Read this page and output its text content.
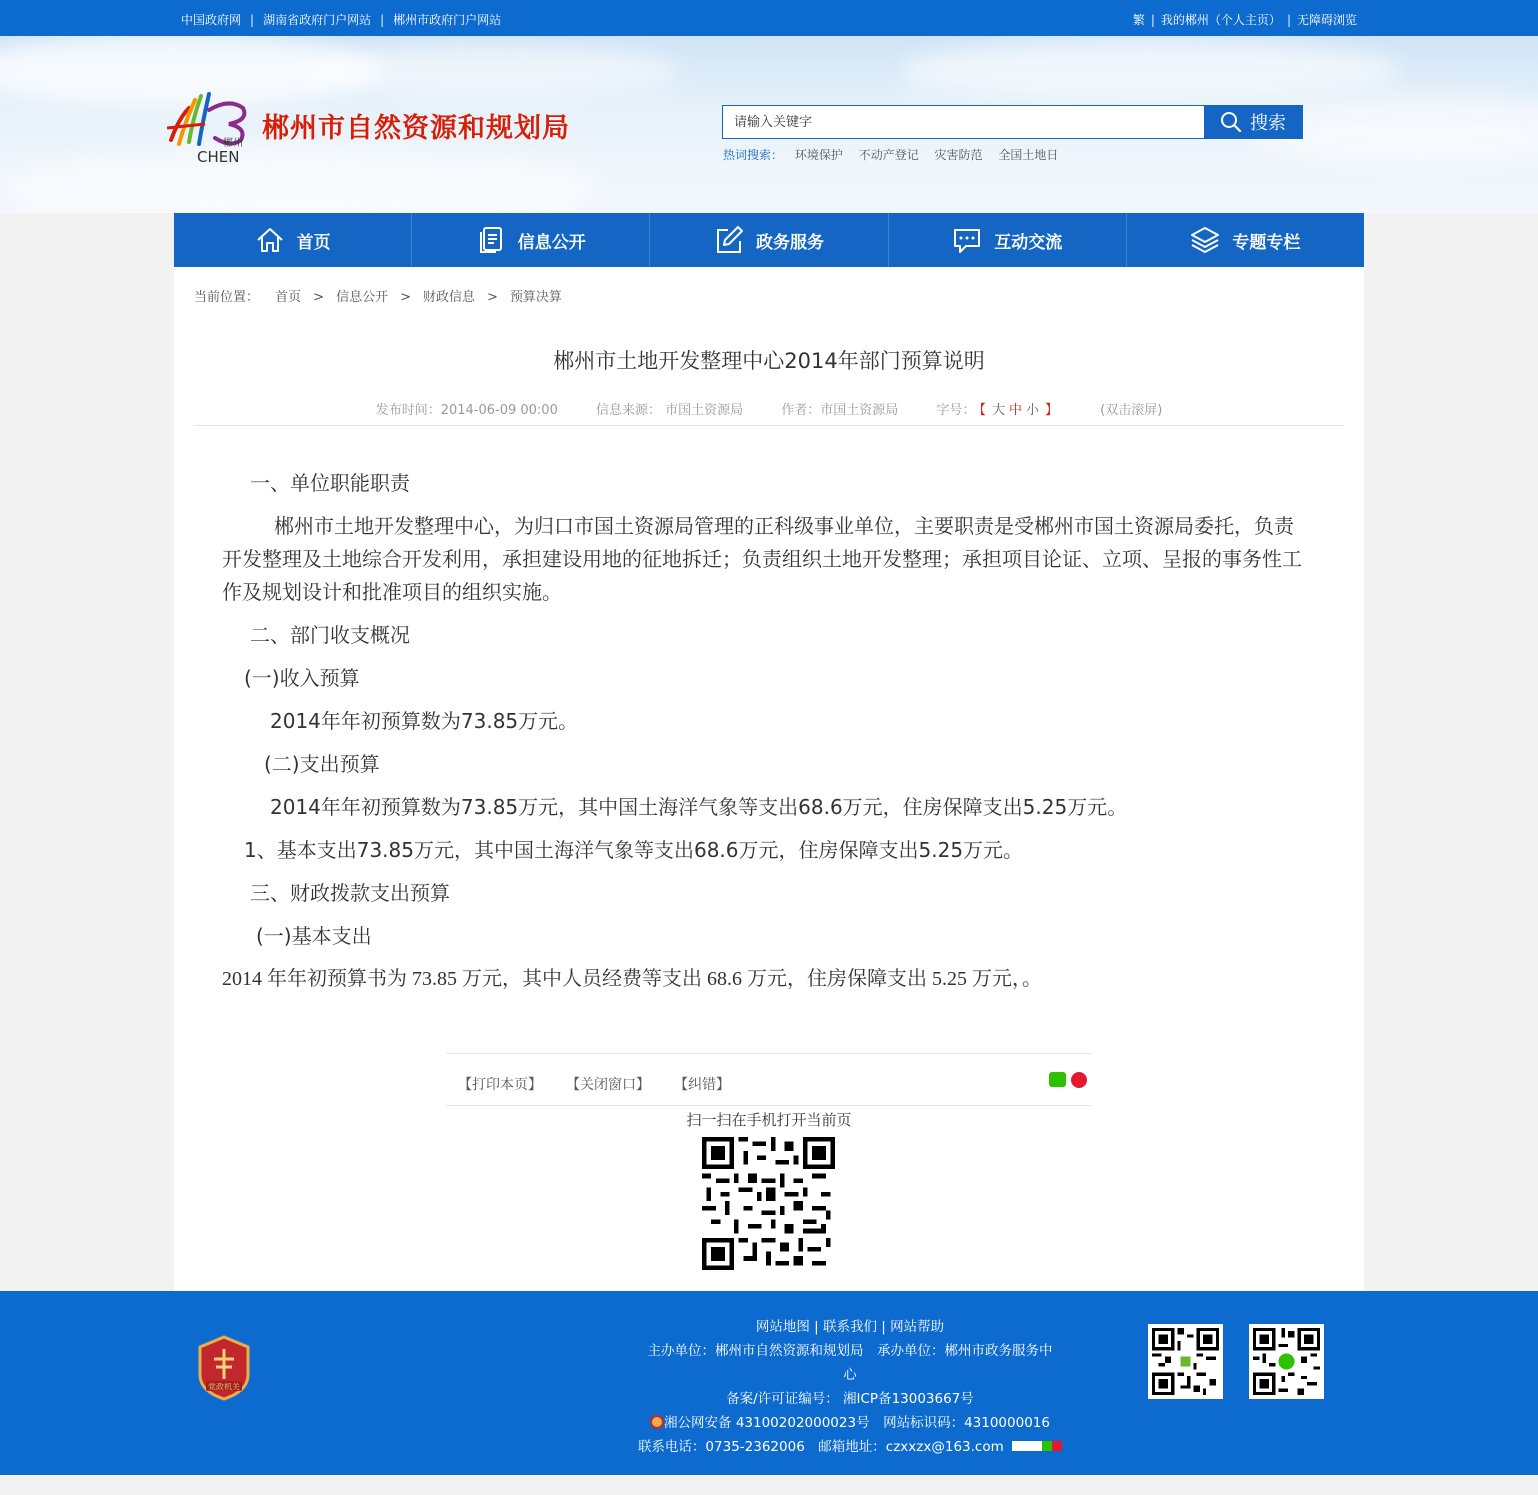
中国政府网 | 湖南省政府门户网站 | 郴州市政府门户网站	繁 | 我的郴州（个人主页） | 无障碍浏览
郴州
CHEN
郴州市自然资源和规划局
请输入关键字	搜索
热词搜索： 环境保护 不动产登记 灾害防范 全国土地日
首页	信息公开	政务服务	互动交流	专题专栏
当前位置： 首页 > 信息公开 > 财政信息 > 预算决算
郴州市土地开发整理中心2014年部门预算说明
发布时间：2014-06-09 00:00	信息来源： 市国土资源局	作者：市国土资源局	字号： 【 大 中 小 】	(双击滚屏)

一、单位职能职责

郴州市土地开发整理中心，为归口市国土资源局管理的正科级事业单位，主要职责是受郴州市国土资源局委托，负责开发整理及土地综合开发利用，承担建设用地的征地拆迁；负责组织土地开发整理；承担项目论证、立项、呈报的事务性工作及规划设计和批准项目的组织实施。

二、部门收支概况

(一)收入预算

2014年年初预算数为73.85万元。

(二)支出预算

2014年年初预算数为73.85万元，其中国土海洋气象等支出68.6万元，住房保障支出5.25万元。

1、基本支出73.85万元，其中国土海洋气象等支出68.6万元，住房保障支出5.25万元。

三、财政拨款支出预算

(一)基本支出

2014 年年初预算书为 73.85 万元，其中人员经费等支出 68.6 万元，住房保障支出 5.25 万元，。

【打印本页】 【关闭窗口】 【纠错】
扫一扫在手机打开当前页
党政机关
网站地图 | 联系我们 | 网站帮助
主办单位：郴州市自然资源和规划局　承办单位：郴州市政务服务中
心
备案/许可证编号： 湘ICP备13003667号
湘公网安备 43100202000023号　网站标识码：4310000016
联系电话：0735-2362006　邮箱地址：czxxzx@163.com
